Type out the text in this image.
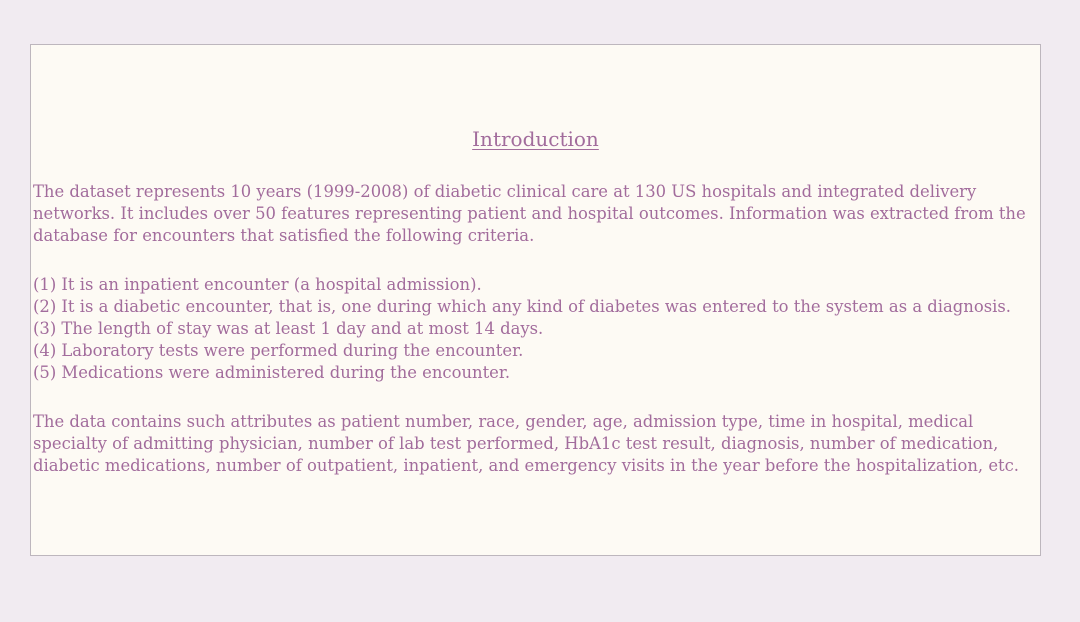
Introduction

The dataset represents 10 years (1999-2008) of diabetic clinical care at 130 US hospitals and integrated delivery networks. It includes over 50 features representing patient and hospital outcomes. Information was extracted from the database for encounters that satisfied the following criteria.

(1) It is an inpatient encounter (a hospital admission).
(2) It is a diabetic encounter, that is, one during which any kind of diabetes was entered to the system as a diagnosis.
(3) The length of stay was at least 1 day and at most 14 days.
(4) Laboratory tests were performed during the encounter.
(5) Medications were administered during the encounter.

The data contains such attributes as patient number, race, gender, age, admission type, time in hospital, medical specialty of admitting physician, number of lab test performed, HbA1c test result, diagnosis, number of medication, diabetic medications, number of outpatient, inpatient, and emergency visits in the year before the hospitalization, etc.
